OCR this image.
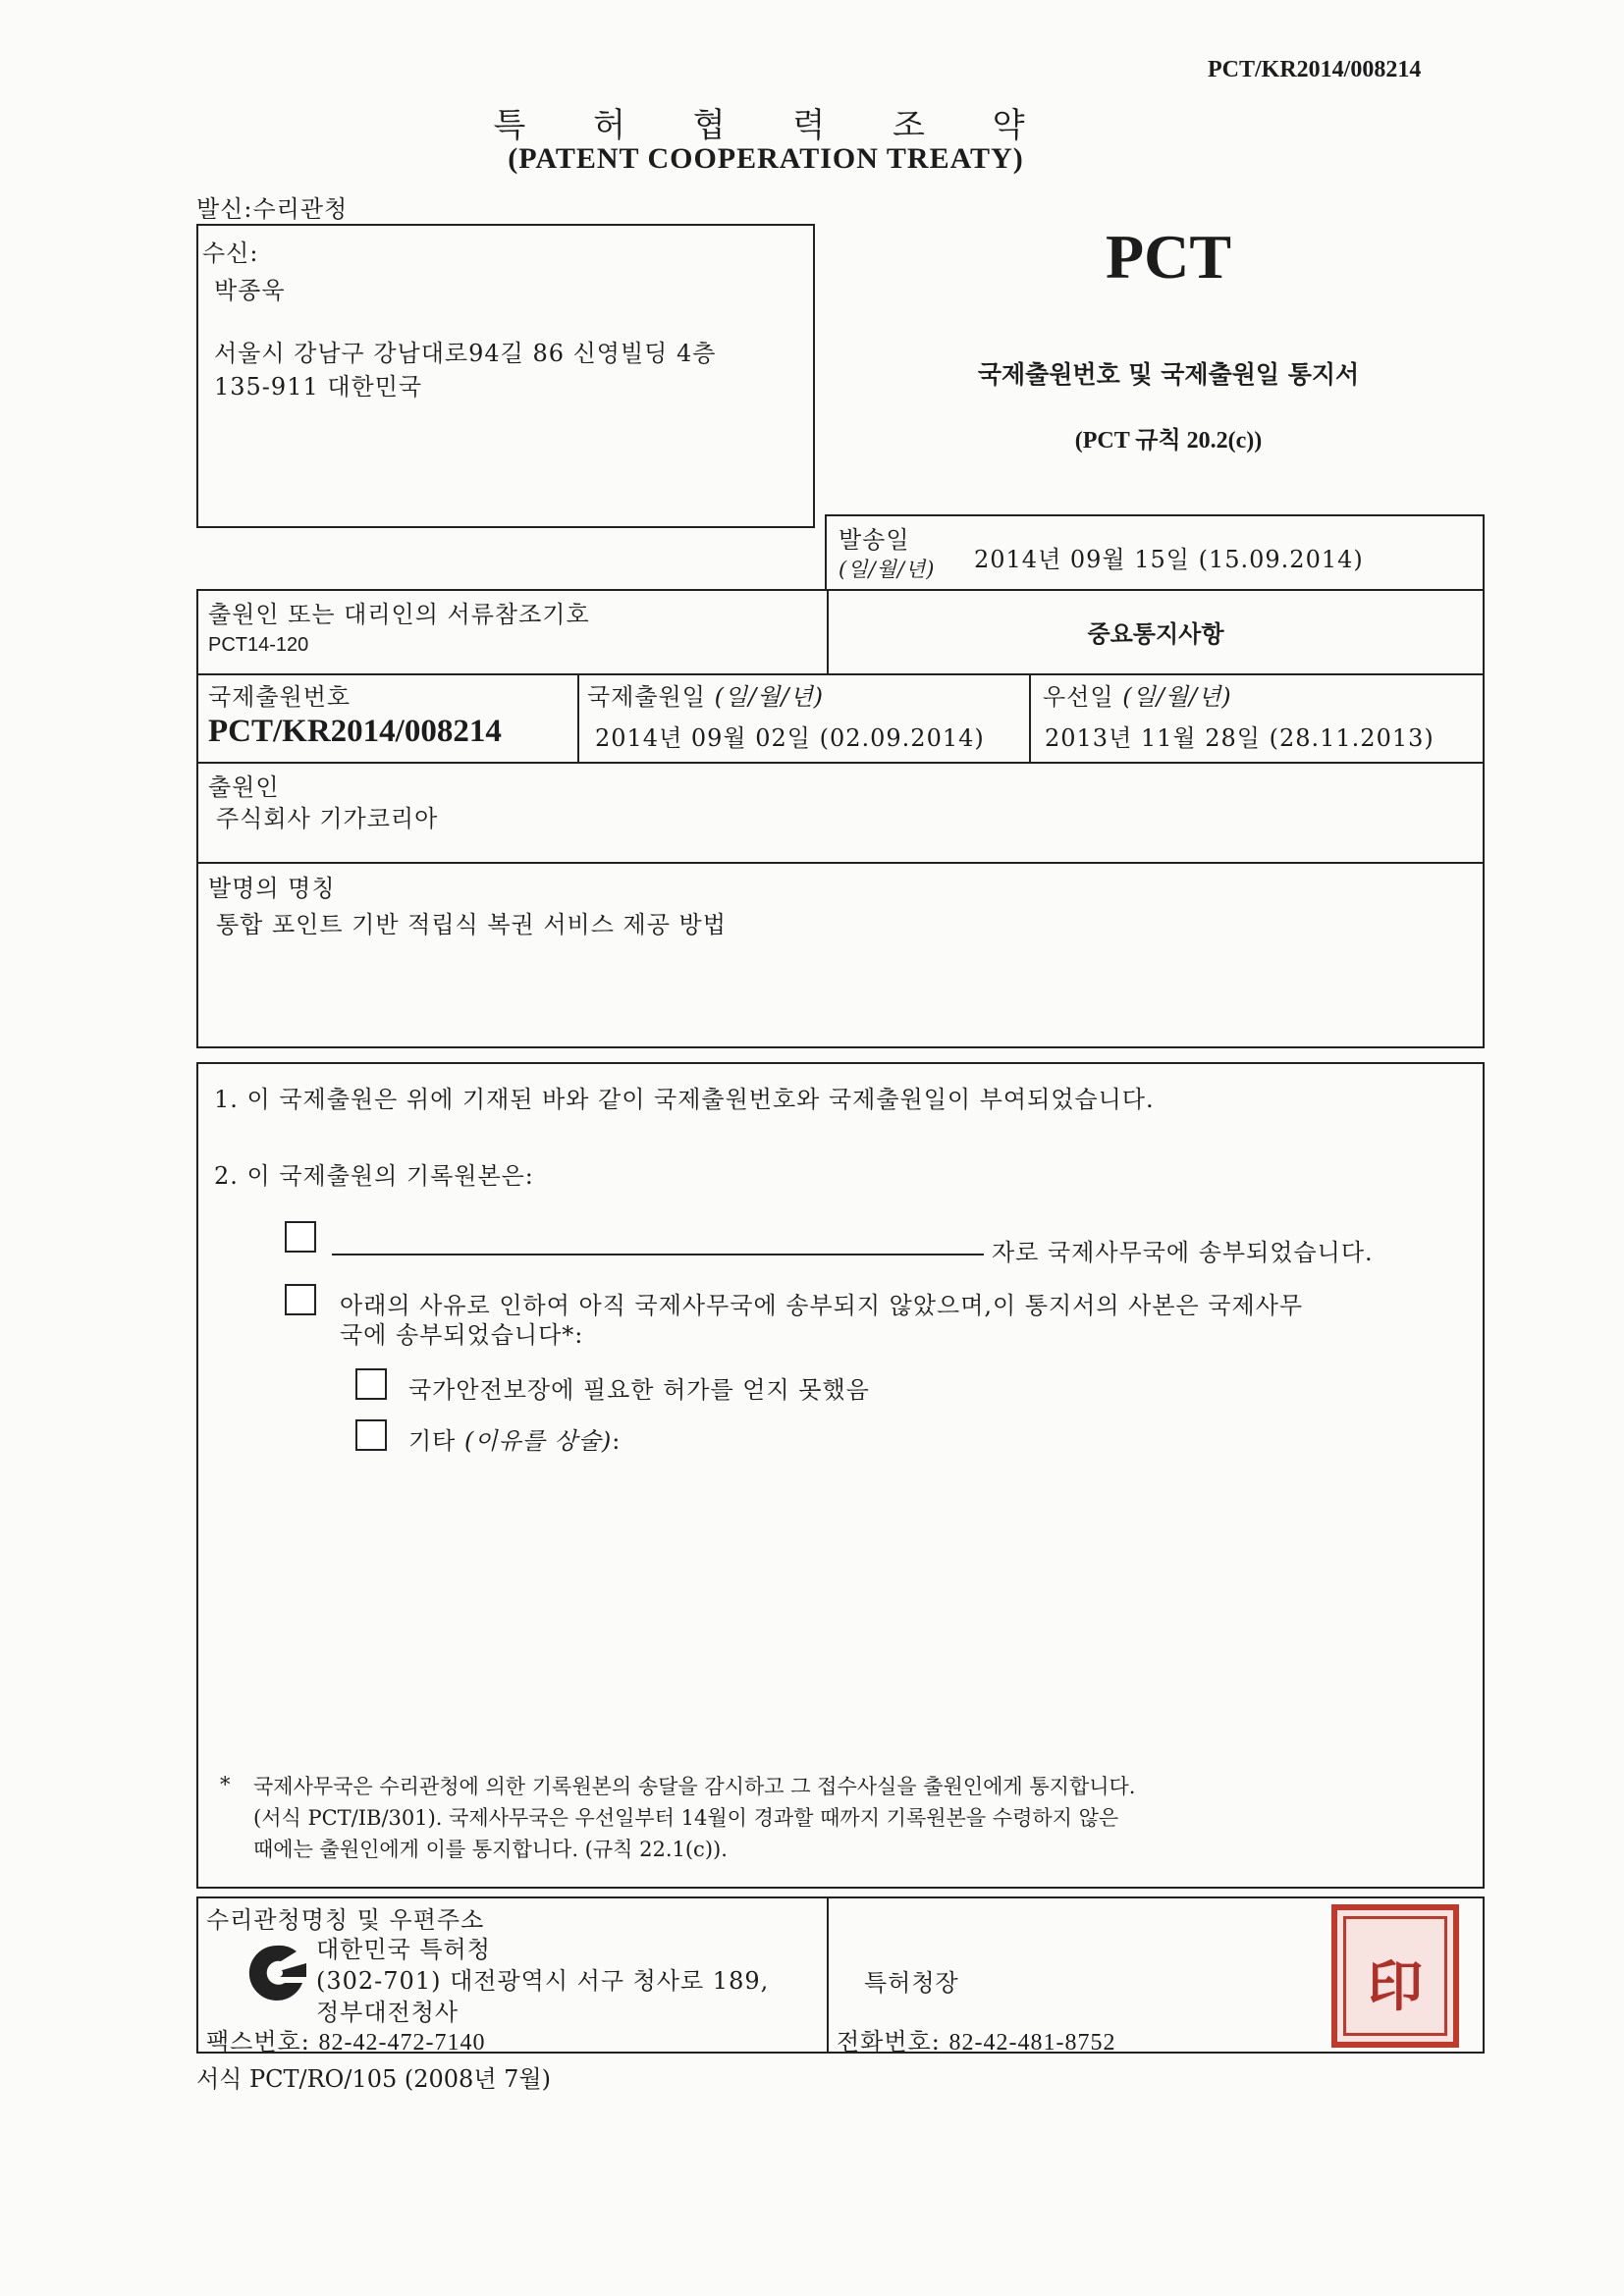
PCT/KR2014/008214
특 허 협 력 조 약
(PATENT COOPERATION TREATY)
발신:수리관청
수신:
박종욱
서울시 강남구 강남대로94길 86 신영빌딩 4층
135-911 대한민국
PCT
국제출원번호 및 국제출원일 통지서
(PCT 규칙 20.2(c))
발송일
(일/월/년) 2014년 09월 15일 (15.09.2014)
출원인 또는 대리인의 서류참조기호
PCT14-120	중요통지사항
국제출원번호
PCT/KR2014/008214
국제출원일 (일/월/년)
2014년 09월 02일 (02.09.2014)
우선일 (일/월/년)
2013년 11월 28일 (28.11.2013)
출원인
주식회사 기가코리아
발명의 명칭
통합 포인트 기반 적립식 복권 서비스 제공 방법
1. 이 국제출원은 위에 기재된 바와 같이 국제출원번호와 국제출원일이 부여되었습니다.
2. 이 국제출원의 기록원본은:
자로 국제사무국에 송부되었습니다.
아래의 사유로 인하여 아직 국제사무국에 송부되지 않았으며,이 통지서의 사본은 국제사무
국에 송부되었습니다*:
국가안전보장에 필요한 허가를 얻지 못했음
기타 (이유를 상술):
* 국제사무국은 수리관청에 의한 기록원본의 송달을 감시하고 그 접수사실을 출원인에게 통지합니다.
(서식 PCT/IB/301). 국제사무국은 우선일부터 14월이 경과할 때까지 기록원본을 수령하지 않은
때에는 출원인에게 이를 통지합니다. (규칙 22.1(c)).
수리관청명칭 및 우편주소
대한민국 특허청
(302-701) 대전광역시 서구 청사로 189,
정부대전청사
팩스번호: 82-42-472-7140
특허청장
전화번호: 82-42-481-8752
印
서식 PCT/RO/105 (2008년 7월)
